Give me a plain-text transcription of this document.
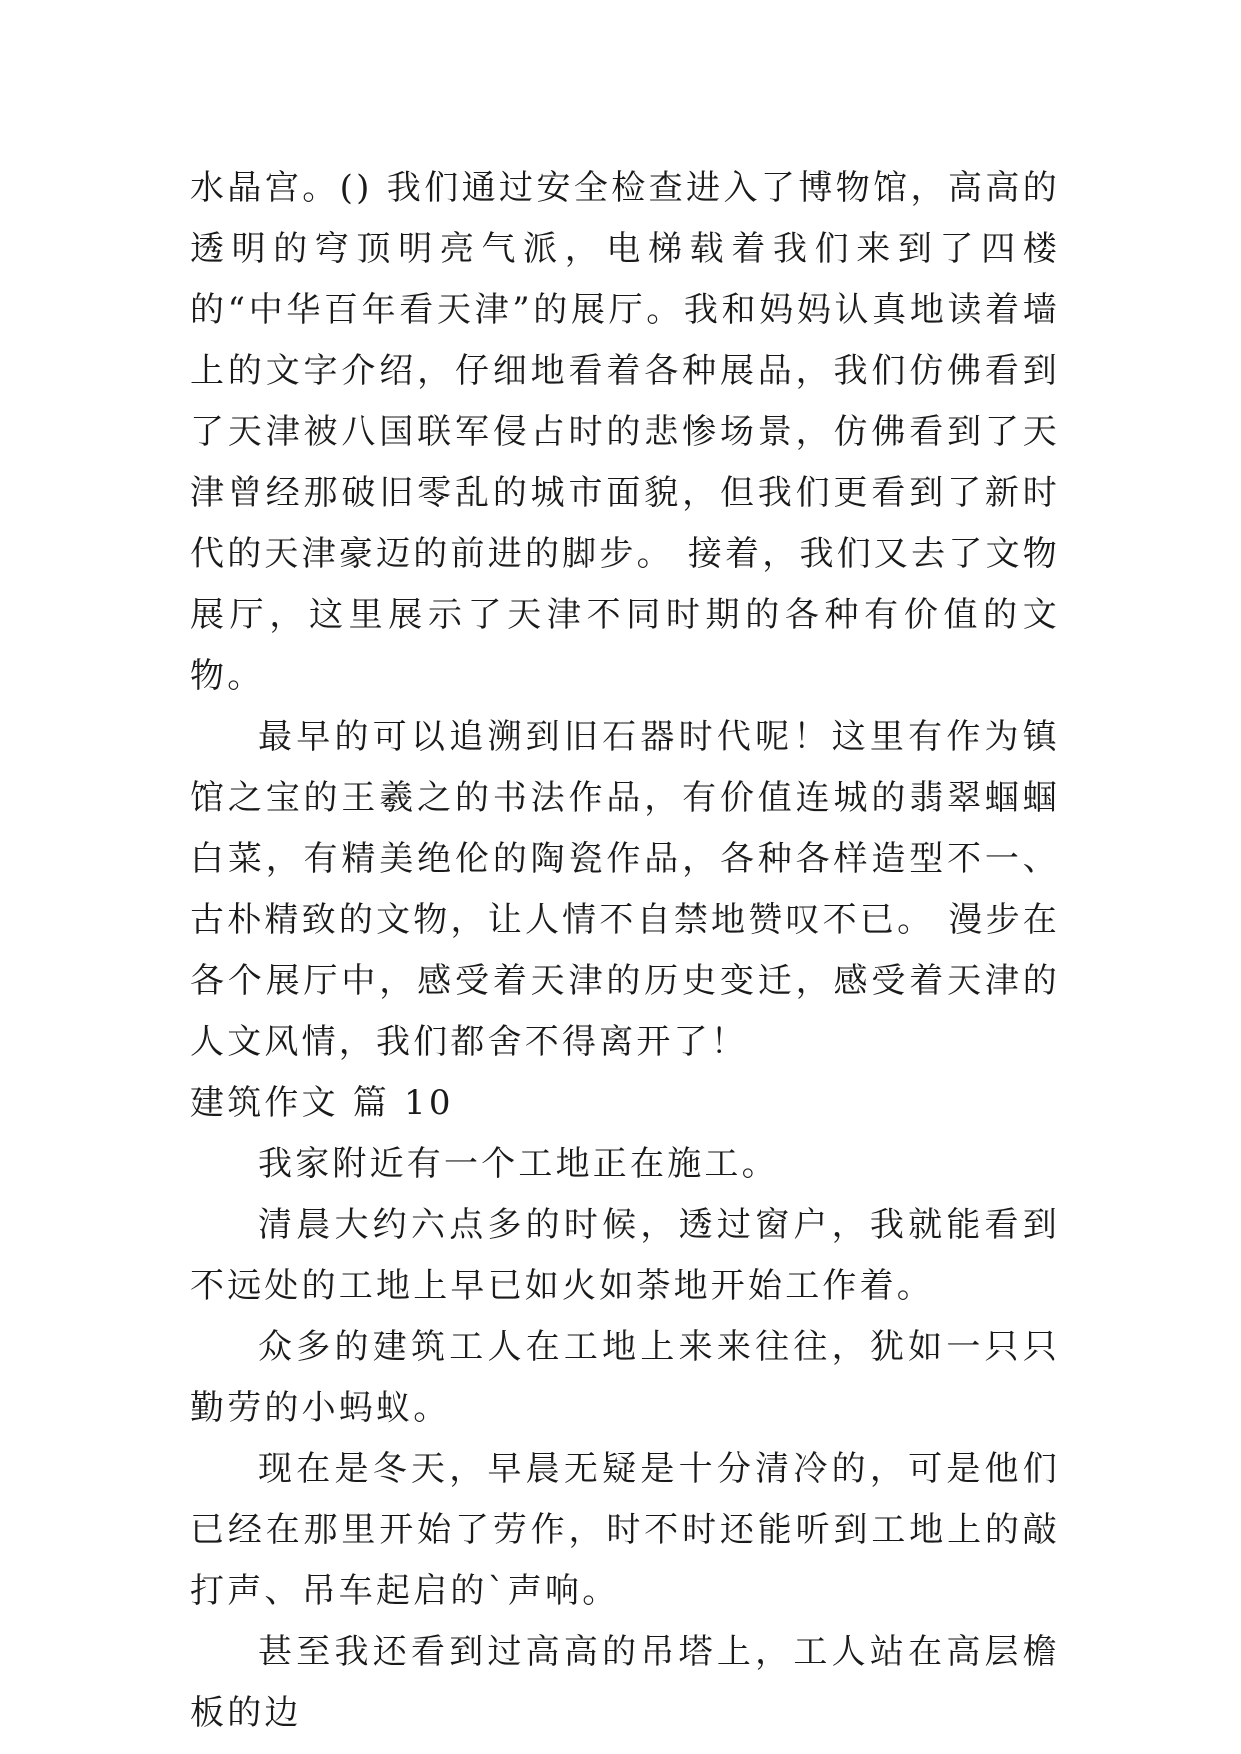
水晶宫。() 我们通过安全检查进入了博物馆，高高的透明的穹顶明亮气派，电梯载着我们来到了四楼的“中华百年看天津”的展厅。我和妈妈认真地读着墙上的文字介绍，仔细地看着各种展品，我们仿佛看到了天津被八国联军侵占时的悲惨场景，仿佛看到了天津曾经那破旧零乱的城市面貌，但我们更看到了新时代的天津豪迈的前进的脚步。 接着，我们又去了文物展厅，这里展示了天津不同时期的各种有价值的文物。

最早的可以追溯到旧石器时代呢！这里有作为镇馆之宝的王羲之的书法作品，有价值连城的翡翠蝈蝈白菜，有精美绝伦的陶瓷作品，各种各样造型不一、古朴精致的文物，让人情不自禁地赞叹不已。 漫步在各个展厅中，感受着天津的历史变迁，感受着天津的人文风情，我们都舍不得离开了！

建筑作文 篇 10

我家附近有一个工地正在施工。

清晨大约六点多的时候，透过窗户，我就能看到不远处的工地上早已如火如荼地开始工作着。

众多的建筑工人在工地上来来往往，犹如一只只勤劳的小蚂蚁。

现在是冬天，早晨无疑是十分清冷的，可是他们已经在那里开始了劳作，时不时还能听到工地上的敲打声、吊车起启的`声响。

甚至我还看到过高高的吊塔上，工人站在高层檐板的边
